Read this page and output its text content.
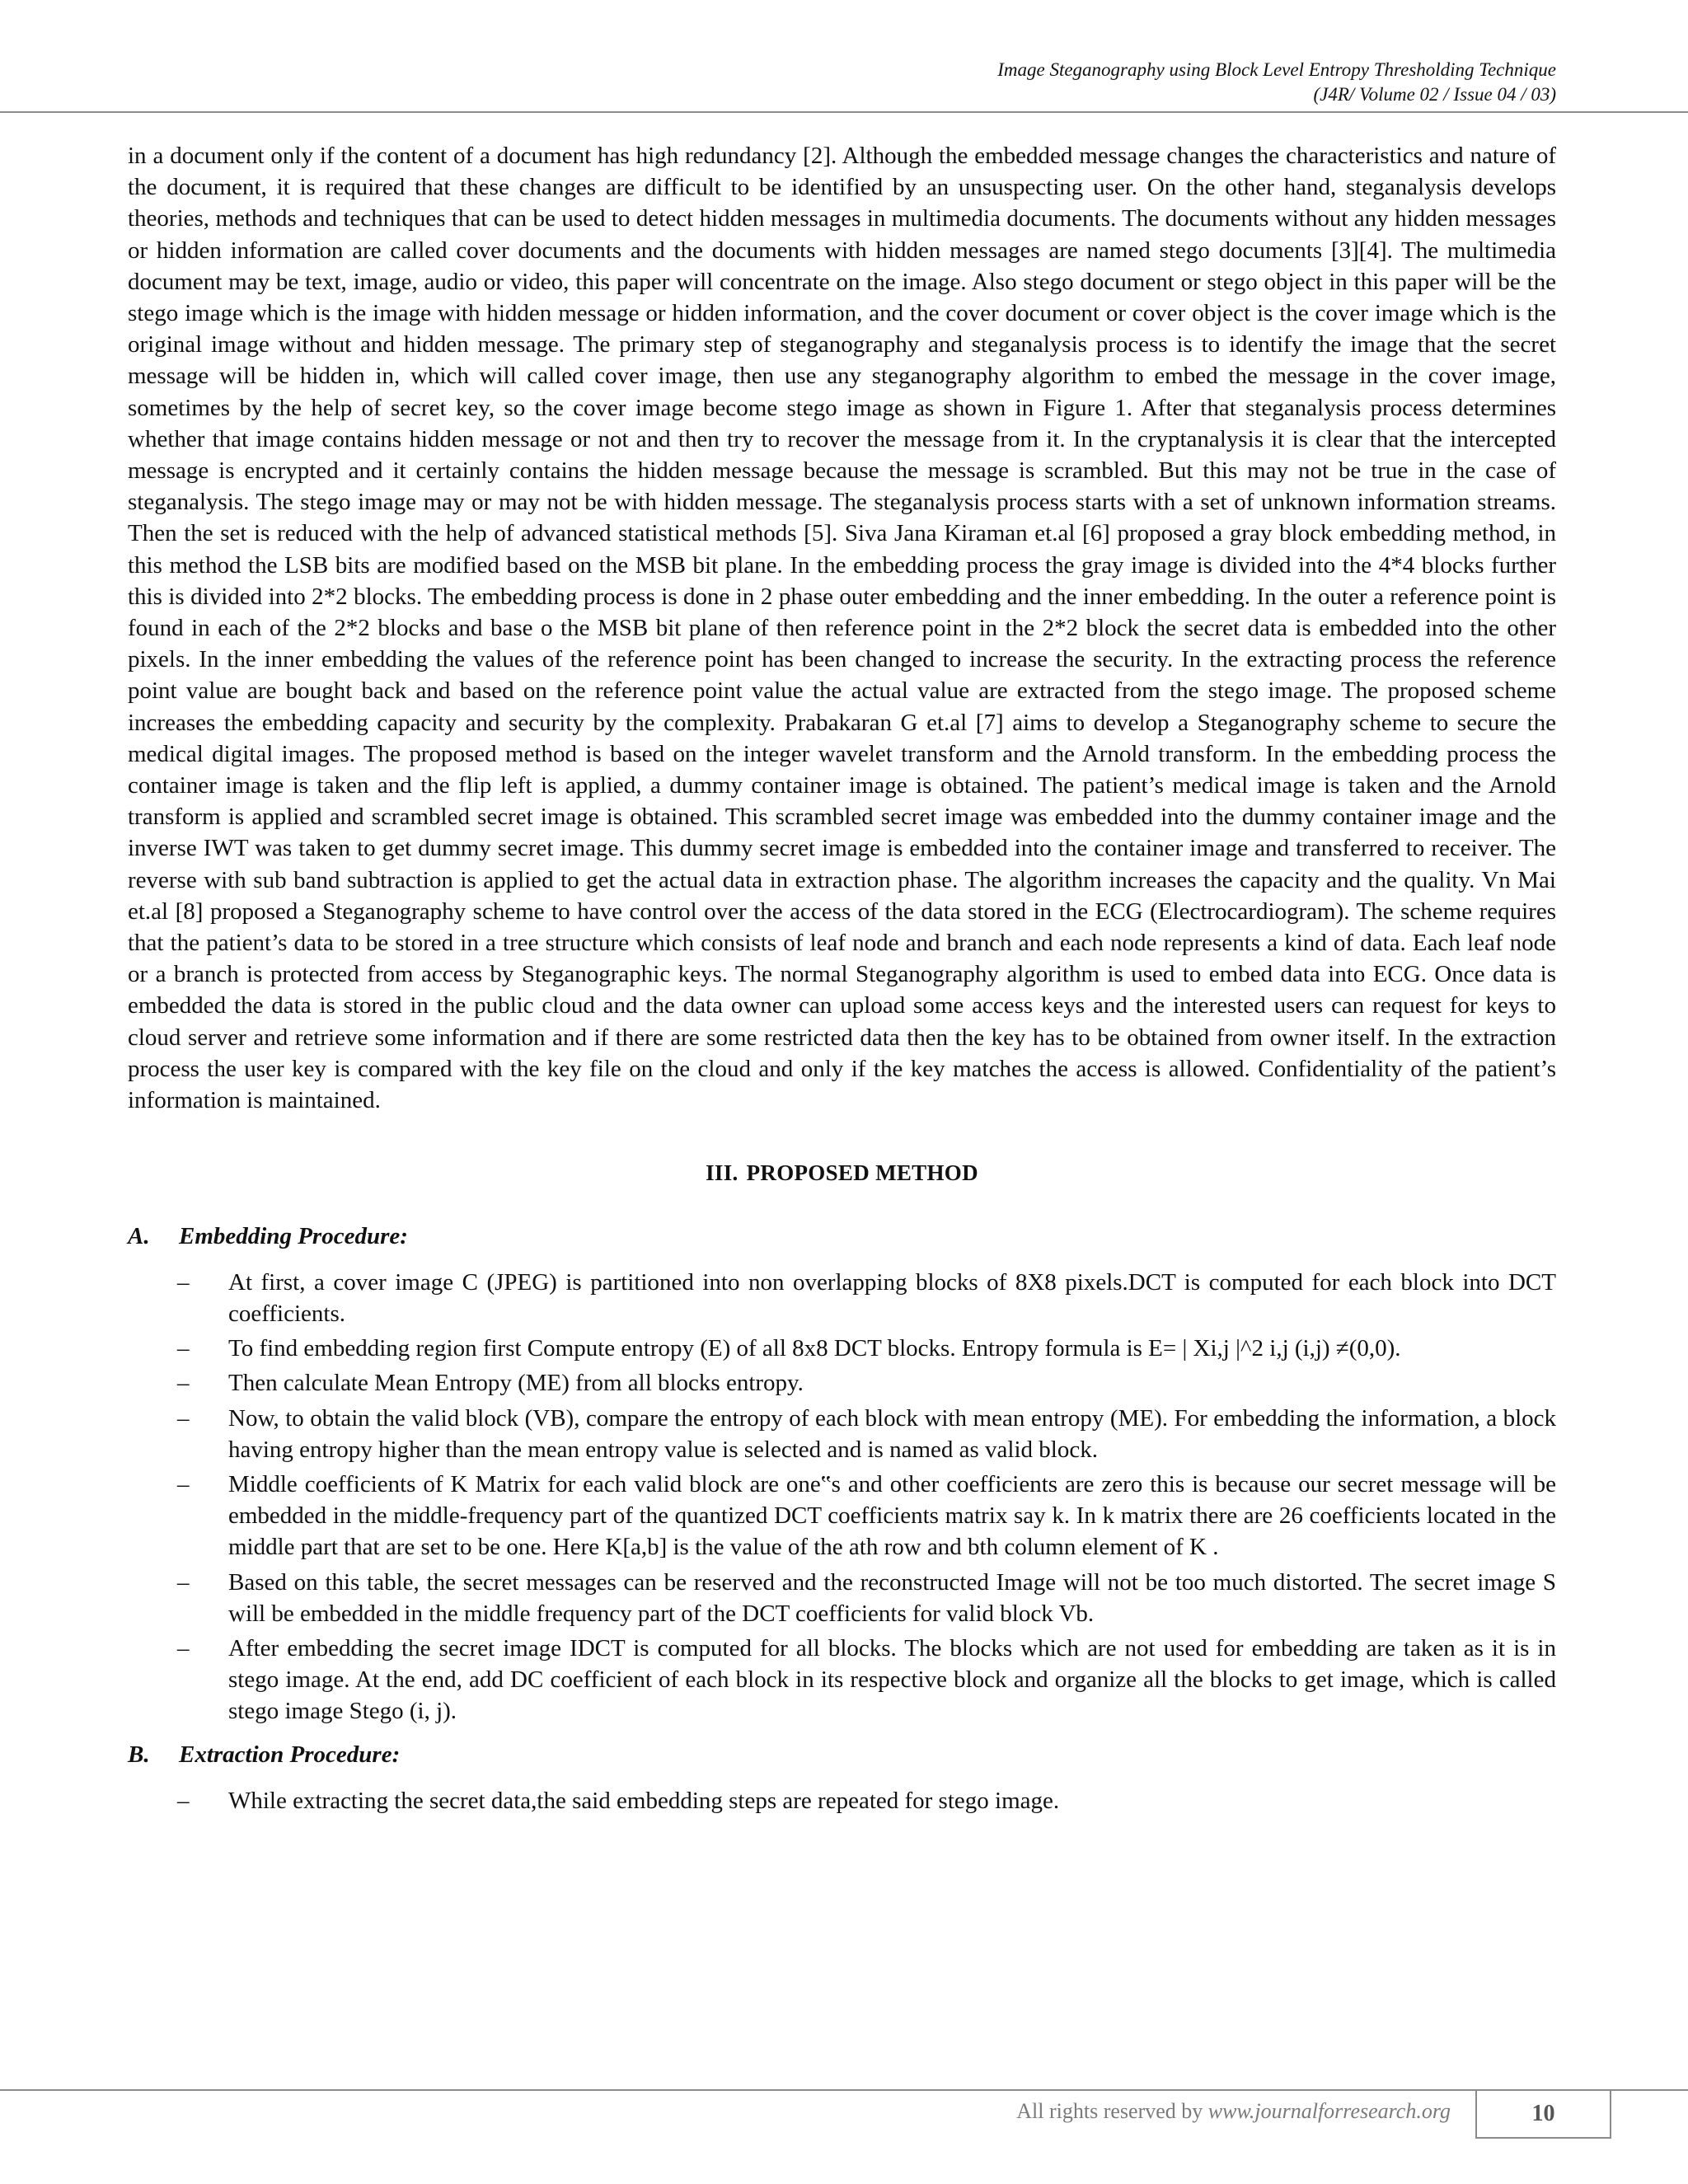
Image Steganography using Block Level Entropy Thresholding Technique
(J4R/ Volume 02 / Issue 04 / 03)

in a document only if the content of a document has high redundancy [2]. Although the embedded message changes the characteristics and nature of the document, it is required that these changes are difficult to be identified by an unsuspecting user. On the other hand, steganalysis develops theories, methods and techniques that can be used to detect hidden messages in multimedia documents. The documents without any hidden messages or hidden information are called cover documents and the documents with hidden messages are named stego documents [3][4]. The multimedia document may be text, image, audio or video, this paper will concentrate on the image. Also stego document or stego object in this paper will be the stego image which is the image with hidden message or hidden information, and the cover document or cover object is the cover image which is the original image without and hidden message. The primary step of steganography and steganalysis process is to identify the image that the secret message will be hidden in, which will called cover image, then use any steganography algorithm to embed the message in the cover image, sometimes by the help of secret key, so the cover image become stego image as shown in Figure 1. After that steganalysis process determines whether that image contains hidden message or not and then try to recover the message from it. In the cryptanalysis it is clear that the intercepted message is encrypted and it certainly contains the hidden message because the message is scrambled. But this may not be true in the case of steganalysis. The stego image may or may not be with hidden message. The steganalysis process starts with a set of unknown information streams. Then the set is reduced with the help of advanced statistical methods [5]. Siva Jana Kiraman et.al [6] proposed a gray block embedding method, in this method the LSB bits are modified based on the MSB bit plane. In the embedding process the gray image is divided into the 4*4 blocks further this is divided into 2*2 blocks. The embedding process is done in 2 phase outer embedding and the inner embedding. In the outer a reference point is found in each of the 2*2 blocks and base o the MSB bit plane of then reference point in the 2*2 block the secret data is embedded into the other pixels. In the inner embedding the values of the reference point has been changed to increase the security. In the extracting process the reference point value are bought back and based on the reference point value the actual value are extracted from the stego image. The proposed scheme increases the embedding capacity and security by the complexity. Prabakaran G et.al [7] aims to develop a Steganography scheme to secure the medical digital images. The proposed method is based on the integer wavelet transform and the Arnold transform. In the embedding process the container image is taken and the flip left is applied, a dummy container image is obtained. The patient’s medical image is taken and the Arnold transform is applied and scrambled secret image is obtained. This scrambled secret image was embedded into the dummy container image and the inverse IWT was taken to get dummy secret image. This dummy secret image is embedded into the container image and transferred to receiver. The reverse with sub band subtraction is applied to get the actual data in extraction phase. The algorithm increases the capacity and the quality. Vn Mai et.al [8] proposed a Steganography scheme to have control over the access of the data stored in the ECG (Electrocardiogram). The scheme requires that the patient’s data to be stored in a tree structure which consists of leaf node and branch and each node represents a kind of data. Each leaf node or a branch is protected from access by Steganographic keys. The normal Steganography algorithm is used to embed data into ECG. Once data is embedded the data is stored in the public cloud and the data owner can upload some access keys and the interested users can request for keys to cloud server and retrieve some information and if there are some restricted data then the key has to be obtained from owner itself. In the extraction process the user key is compared with the key file on the cloud and only if the key matches the access is allowed. Confidentiality of the patient’s information is maintained.

III. PROPOSED METHOD
A. Embedding Procedure:
– At first, a cover image C (JPEG) is partitioned into non overlapping blocks of 8X8 pixels.DCT is computed for each block into DCT coefficients.
– To find embedding region first Compute entropy (E) of all 8x8 DCT blocks. Entropy formula is E= | Xi,j |^2 i,j (i,j) ≠(0,0).
– Then calculate Mean Entropy (ME) from all blocks entropy.
– Now, to obtain the valid block (VB), compare the entropy of each block with mean entropy (ME). For embedding the information, a block having entropy higher than the mean entropy value is selected and is named as valid block.
– Middle coefficients of K Matrix for each valid block are one‟s and other coefficients are zero this is because our secret message will be embedded in the middle-frequency part of the quantized DCT coefficients matrix say k. In k matrix there are 26 coefficients located in the middle part that are set to be one. Here K[a,b] is the value of the ath row and bth column element of K .
– Based on this table, the secret messages can be reserved and the reconstructed Image will not be too much distorted. The secret image S will be embedded in the middle frequency part of the DCT coefficients for valid block Vb.
– After embedding the secret image IDCT is computed for all blocks. The blocks which are not used for embedding are taken as it is in stego image. At the end, add DC coefficient of each block in its respective block and organize all the blocks to get image, which is called stego image Stego (i, j).
B. Extraction Procedure:
– While extracting the secret data,the said embedding steps are repeated for stego image.
All rights reserved by www.journalforresearch.org	10
